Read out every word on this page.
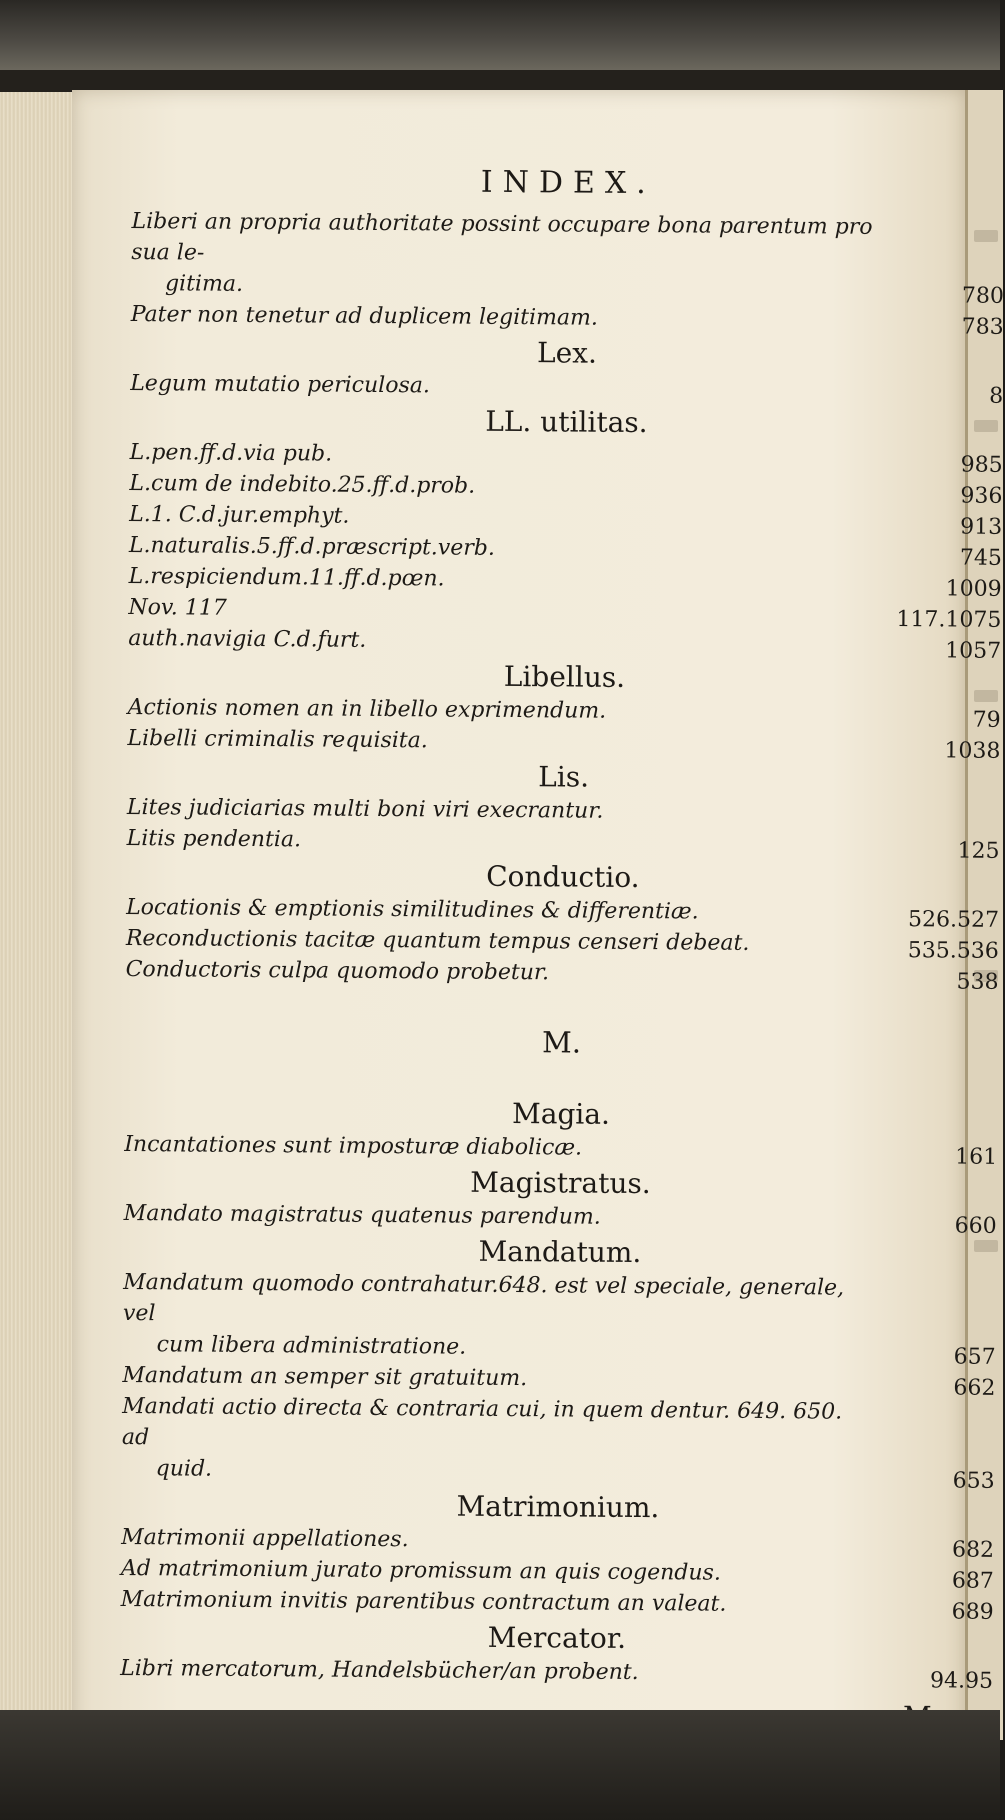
INDEX.
Liberi an propria authoritate possint occupare bona parentum pro sua le-
gitima.	780
Pater non tenetur ad duplicem legitimam.	783
Lex.
Legum mutatio periculosa.	8
LL. utilitas.
L.pen.ff.d.via pub.	985
L.cum de indebito.25.ff.d.prob.	936
L.1. C.d.jur.emphyt.	913
L.naturalis.5.ff.d.præscript.verb.	745
L.respiciendum.11.ff.d.pœn.	1009
Nov. 117	117.1075
auth.navigia C.d.furt.	1057
Libellus.
Actionis nomen an in libello exprimendum.	79
Libelli criminalis requisita.	1038
Lis.
Lites judiciarias multi boni viri execrantur.
Litis pendentia.	125
Conductio.
Locationis & emptionis similitudines & differentiæ.	526.527
Reconductionis tacitæ quantum tempus censeri debeat.	535.536
Conductoris culpa quomodo probetur.	538
M.
Magia.
Incantationes sunt imposturæ diabolicæ.	161
Magistratus.
Mandato magistratus quatenus parendum.	660
Mandatum.
Mandatum quomodo contrahatur.648. est vel speciale, generale, vel
cum libera administratione.	657
Mandatum an semper sit gratuitum.	662
Mandati actio directa & contraria cui, in quem dentur. 649. 650. ad
quid.	653
Matrimonium.
Matrimonii appellationes.	682
Ad matrimonium jurato promissum an quis cogendus.	687
Matrimonium invitis parentibus contractum an valeat.	689
Mercator.
Libri mercatorum, Handelsbücher/an probent.	94.95
